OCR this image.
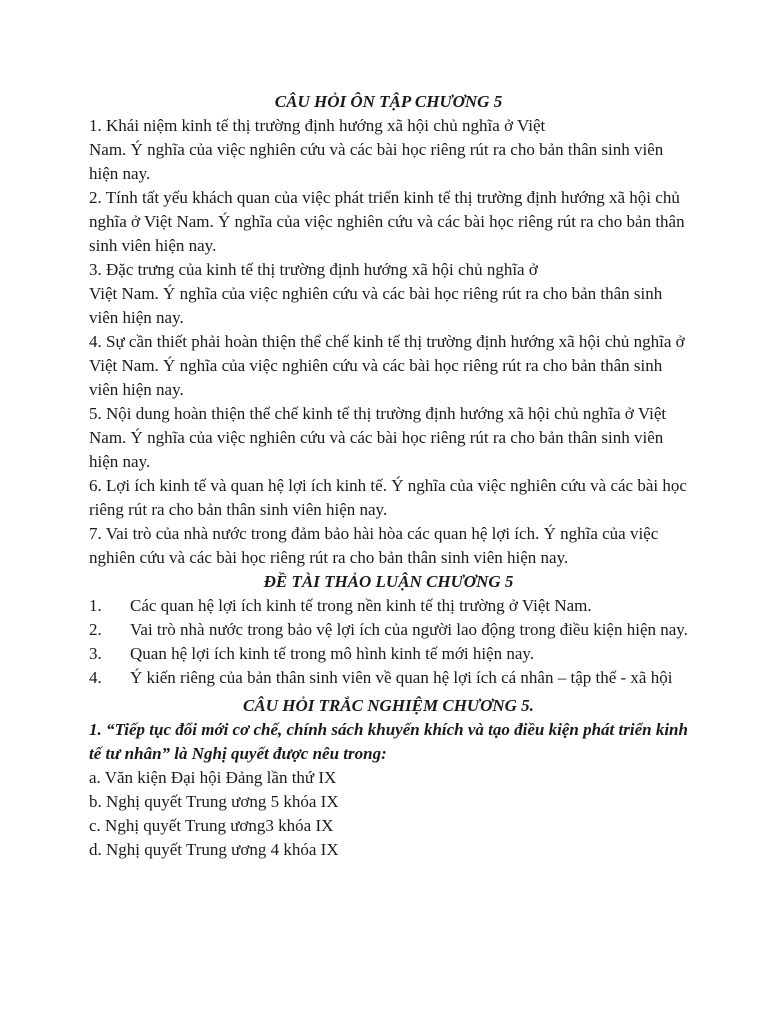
CÂU HỎI ÔN TẬP CHƯƠNG 5

1. Khái niệm kinh tế thị trường định hướng xã hội chủ nghĩa ở Việt
Nam. Ý nghĩa của việc nghiên cứu và các bài học riêng rút ra cho bản thân sinh viên hiện nay.

2. Tính tất yếu khách quan của việc phát triển kinh tế thị trường định hướng xã hội chủ nghĩa ở Việt Nam. Ý nghĩa của việc nghiên cứu và các bài học riêng rút ra cho bản thân sinh viên hiện nay.

3. Đặc trưng của kinh tế thị trường định hướng xã hội chủ nghĩa ở
Việt Nam. Ý nghĩa của việc nghiên cứu và các bài học riêng rút ra cho bản thân sinh viên hiện nay.

4. Sự cần thiết phải hoàn thiện thể chế kinh tế thị trường định hướng xã hội chủ nghĩa ở Việt Nam. Ý nghĩa của việc nghiên cứu và các bài học riêng rút ra cho bản thân sinh viên hiện nay.

5. Nội dung hoàn thiện thể chế kinh tế thị trường định hướng xã hội chủ nghĩa ở Việt Nam. Ý nghĩa của việc nghiên cứu và các bài học riêng rút ra cho bản thân sinh viên hiện nay.

6. Lợi ích kinh tế và quan hệ lợi ích kinh tế. Ý nghĩa của việc nghiên cứu và các bài học riêng rút ra cho bản thân sinh viên hiện nay.

7. Vai trò của nhà nước trong đảm bảo hài hòa các quan hệ lợi ích. Ý nghĩa của việc nghiên cứu và các bài học riêng rút ra cho bản thân sinh viên hiện nay.

ĐỀ TÀI THẢO LUẬN CHƯƠNG 5

1. Các quan hệ lợi ích kinh tế trong nền kinh tế thị trường ở Việt Nam.

2. Vai trò nhà nước trong bảo vệ lợi ích của người lao động trong điều kiện hiện nay.

3. Quan hệ lợi ích kinh tế trong mô hình kinh tế mới hiện nay.

4. Ý kiến riêng của bản thân sinh viên về quan hệ lợi ích cá nhân – tập thể - xã hội

CÂU HỎI TRẮC NGHIỆM CHƯƠNG 5.

1. “Tiếp tục đổi mới cơ chế, chính sách khuyến khích và tạo điều kiện phát triển kinh tế tư nhân” là Nghị quyết được nêu trong:

a. Văn kiện Đại hội Đảng lần thứ IX

b. Nghị quyết Trung ương 5 khóa IX

c. Nghị quyết Trung ương3 khóa IX

d. Nghị quyết Trung ương 4 khóa IX
